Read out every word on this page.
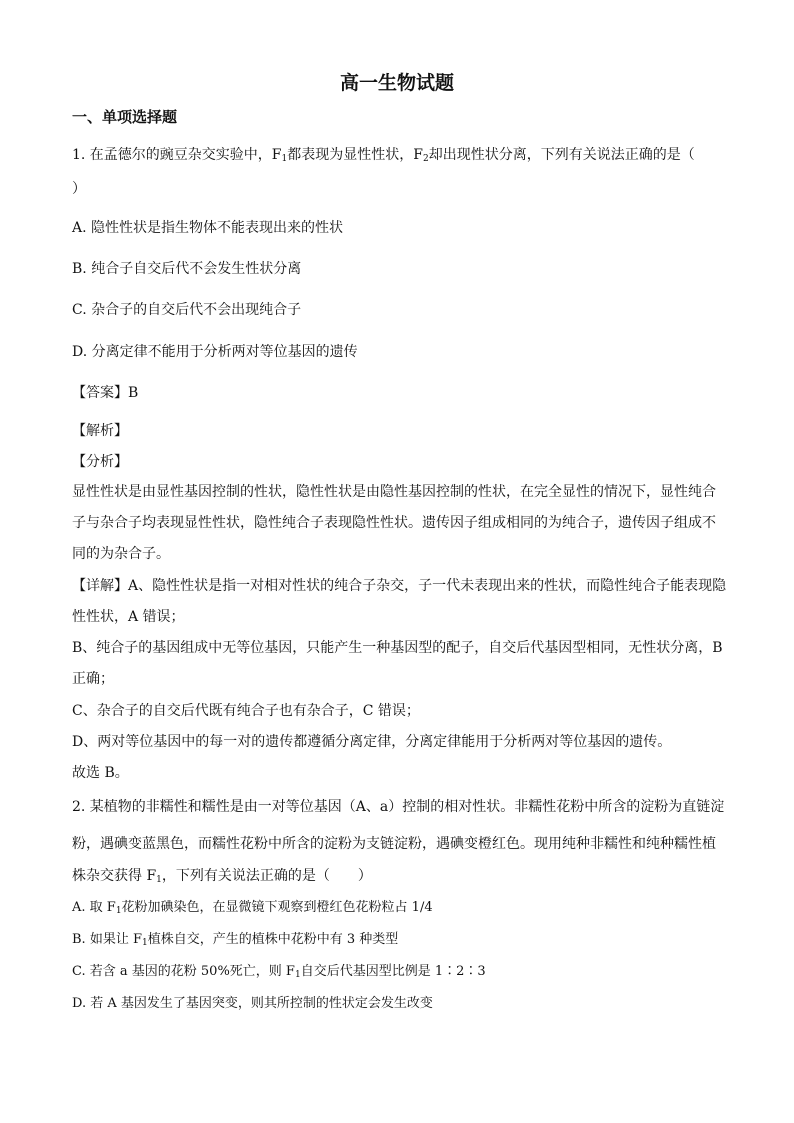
高一生物试题
一、单项选择题
1. 在孟德尔的豌豆杂交实验中，$F_1$都表现为显性性状，$F_2$却出现性状分离，下列有关说法正确的是（
）
A. 隐性性状是指生物体不能表现出来的性状
B. 纯合子自交后代不会发生性状分离
C. 杂合子的自交后代不会出现纯合子
D. 分离定律不能用于分析两对等位基因的遗传
【答案】B
【解析】
【分析】
显性性状是由显性基因控制的性状，隐性性状是由隐性基因控制的性状，在完全显性的情况下，显性纯合
子与杂合子均表现显性性状，隐性纯合子表现隐性性状。遗传因子组成相同的为纯合子，遗传因子组成不
同的为杂合子。
【详解】A、隐性性状是指一对相对性状的纯合子杂交，子一代未表现出来的性状，而隐性纯合子能表现隐
性性状，A 错误；
B、纯合子的基因组成中无等位基因，只能产生一种基因型的配子，自交后代基因型相同，无性状分离，B
正确；
C、杂合子的自交后代既有纯合子也有杂合子，C 错误；
D、两对等位基因中的每一对的遗传都遵循分离定律，分离定律能用于分析两对等位基因的遗传。
故选 B。
2. 某植物的非糯性和糯性是由一对等位基因（A、a）控制的相对性状。非糯性花粉中所含的淀粉为直链淀
粉，遇碘变蓝黑色，而糯性花粉中所含的淀粉为支链淀粉，遇碘变橙红色。现用纯种非糯性和纯种糯性植
株杂交获得 $F_1$，下列有关说法正确的是（　　）
A. 取 $F_1$花粉加碘染色，在显微镜下观察到橙红色花粉粒占 1/4
B. 如果让 $F_1$植株自交，产生的植株中花粉中有 3 种类型
C. 若含 a 基因的花粉 50%死亡，则 $F_1$自交后代基因型比例是 1∶2∶3
D. 若 A 基因发生了基因突变，则其所控制的性状定会发生改变
